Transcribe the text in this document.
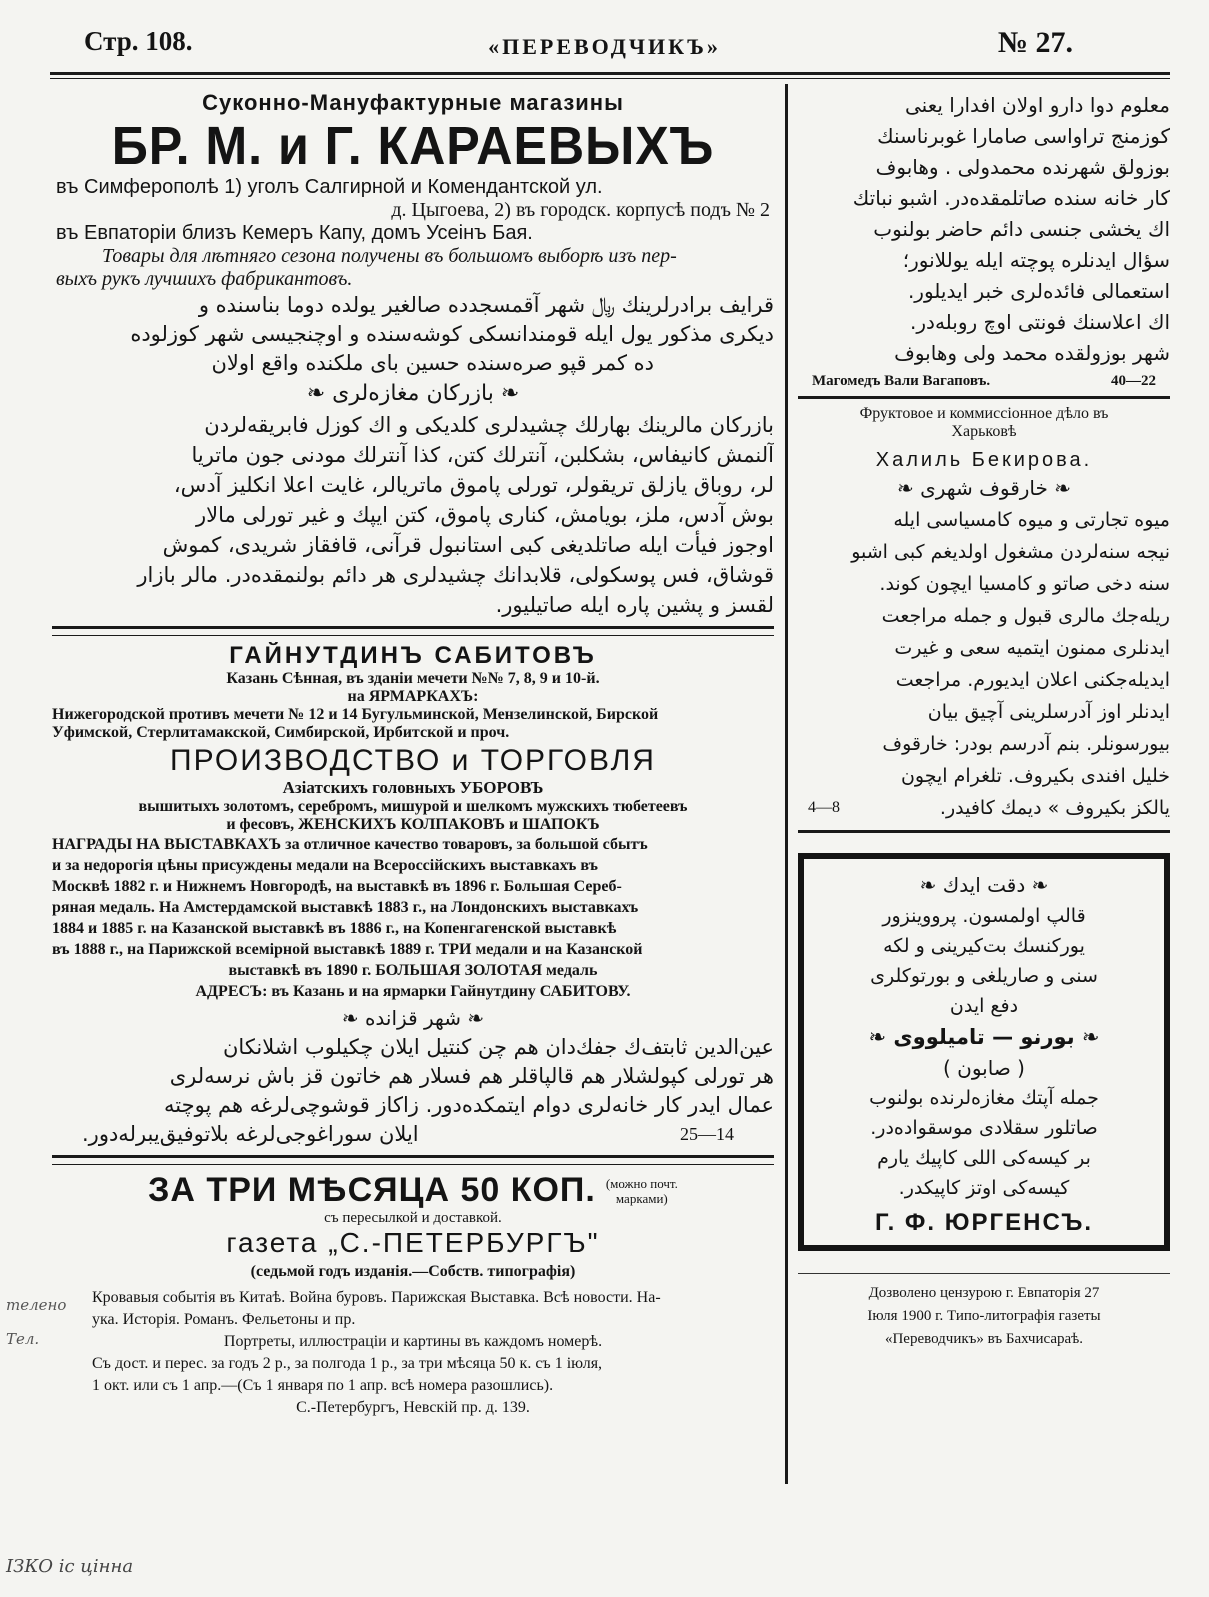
Стр. 108.	«ПЕРЕВОДЧИКЪ»	№ 27.
Суконно-Мануфактурные магазины
БР. М. и Г. КАРАЕВЫХЪ
въ Симферополѣ 1) уголъ Салгирной и Комендантской ул.
д. Цыгоева, 2) въ городск. корпусѣ подъ № 2
въ Евпаторіи близъ Кемеръ Капу, домъ Усеінъ Бая.
Товары для лѣтняго сезона получены въ большомъ выборѣ изъ пер-
выхъ рукъ лучшихъ фабрикантовъ.
قرایف برادرلرینك ﷼ شهر آقمسجدده صالغیر یولده دوما بناسنده و
دیکری مذکور یول ایله قومندانسکی کوشه‌سنده و اوچنجیسی شهر کوزلوده
ده کمر قپو صره‌سنده حسین بای ملکنده واقع اولان
❧ بازرکان مغازه‌لری ❧
بازرکان مالرینك بهارلك چشیدلری کلدیکی و اك کوزل فابریقه‌لردن
آلنمش کانیفاس، بشکلبن، آنترلك کتن، کذا آنترلك مودنی جون ماتریا
لر، روباق یازلق تریقولر، تورلی پاموق ماتریالر، غایت اعلا انکلیز آدس،
بوش آدس، ملز، بویامش، کناری پاموق، کتن ایپك و غیر تورلی مالار
اوجوز فیأت ایله صاتلدیغی کبی استانبول قرآنی، قافقاز شریدی، کموش
قوشاق، فس پوسکولی، قلابدانك چشیدلری هر دائم بولنمقده‌در. مالر بازار
لقسز و پشین پاره ایله صاتیلیور.
ГАЙНУТДИНЪ САБИТОВЪ
Казань Сѣнная, въ зданіи мечети №№ 7, 8, 9 и 10-й.
на ЯРМАРКАХЪ:
Нижегородской противъ мечети № 12 и 14 Бугульминской, Мензелинской, Бирской
Уфимской, Стерлитамакской, Симбирской, Ирбитской и проч.
ПРОИЗВОДСТВО и ТОРГОВЛЯ
Азіатскихъ головныхъ УБОРОВЪ
вышитыхъ золотомъ, серебромъ, мишурой и шелкомъ мужскихъ тюбетеевъ
и фесовъ, ЖЕНСКИХЪ КОЛПАКОВЪ и ШАПОКЪ
НАГРАДЫ НА ВЫСТАВКАХЪ за отличное качество товаровъ, за большой сбытъ
и за недорогія цѣны присуждены медали на Всероссійскихъ выставкахъ въ
Москвѣ 1882 г. и Нижнемъ Новгородѣ, на выставкѣ въ 1896 г. Большая Сереб-
ряная медаль. На Амстердамской выставкѣ 1883 г., на Лондонскихъ выставкахъ
1884 и 1885 г. на Казанской выставкѣ въ 1886 г., на Копенгагенской выставкѣ
въ 1888 г., на Парижской всемірной выставкѣ 1889 г. ТРИ медали и на Казанской
выставкѣ въ 1890 г. БОЛЬШАЯ ЗОЛОТАЯ медаль
АДРЕСЪ: въ Казань и на ярмарки Гайнутдину САБИТОВУ.
❧ شهر قزانده ❧
عین‌الدین ثابتف‌ك جفك‌دان هم چن کنتیل ایلان چکیلوب اشلانکان
هر تورلی کپولشلار هم قالپاقلر هم فسلار هم خاتون قز باش نرسه‌لری
عمال ایدر کار خانه‌لری دوام ایتمکده‌دور. زاکاز قوشوچی‌لرغه هم پوچته
ایلان سوراغوجی‌لرغه بلاتوفیق‌یبرله‌دور.	25—14
ЗА ТРИ МѢСЯЦА 50 КОП. (можно почт.
марками)
съ пересылкой и доставкой.
газета „С.-ПЕТЕРБУРГЪ"
(седьмой годъ изданія.—Собств. типографія)
Кровавыя событія въ Китаѣ. Война буровъ. Парижская Выставка. Всѣ новости. На-
ука. Исторія. Романъ. Фельетоны и пр.
Портреты, иллюстраціи и картины въ каждомъ номерѣ.
Съ дост. и перес. за годъ 2 р., за полгода 1 р., за три мѣсяца 50 к. съ 1 іюля,
1 окт. или съ 1 апр.—(Съ 1 января по 1 апр. всѣ номера разошлись).
С.-Петербургъ, Невскій пр. д. 139.
معلوم دوا دارو اولان افدارا یعنی
کوزمنج تراواسی صامارا غوبرناسنك
بوزولق شهرنده محمدولی . وهابوف
کار خانه سنده صاتلمقده‌در. اشبو نباتك
اك یخشی جنسی دائم حاضر بولنوب
سؤال ایدنلره پوچته ایله یوللانور؛
استعمالی فائده‌لری خبر ایدیلور.
اك اعلاسنك فونتی اوچ روبله‌در.
شهر بوزولقده محمد ولی وهابوف
Магомедъ Вали Вагаповъ.	40—22
Фруктовое и коммиссіонное дѣло въ
Харьковѣ
Халиль Бекирова.
❧ خارقوف شهری ❧
میوه تجارتی و میوه کامسیاسی ایله
نیجه سنه‌لردن مشغول اولدیغم کبی اشبو
سنه دخی صاتو و کامسیا ایچون کوند.
ریله‌جك مالری قبول و جمله مراجعت
ایدنلری ممنون ایتمیه سعی و غیرت
ایدیله‌جکنی اعلان ایدیورم. مراجعت
ایدنلر اوز آدرسلرینی آچیق بیان
بیورسونلر. بنم آدرسم بودر: خارقوف
خلیل افندی بکیروف. تلغرام ایچون
4—8	یالکز بکیروف » دیمك کافیدر.
❧ دقت ایدك ❧
قالپ اولمسون. پرووینزور
یورکنسك بت‌کیرینی و لکه
سنی و صاریلغی و بورتوکلری
دفع ایدن
❧ بورنو — تامیلووی ❧
( صابون )
جمله آپتك مغازه‌لرنده بولنوب
صاتلور سقلادی موسقواده‌در.
بر کیسه‌کی اللی کاپیك یارم
کیسه‌کی اوتز کاپیکدر.
Г. Ф. ЮРГЕНСЪ.
Дозволено цензурою г. Евпаторія 27
Іюля 1900 г. Типо-литографія газеты
«Переводчикъ» въ Бахчисараѣ.
телено
Тел.
ІЗКО іс цінна
